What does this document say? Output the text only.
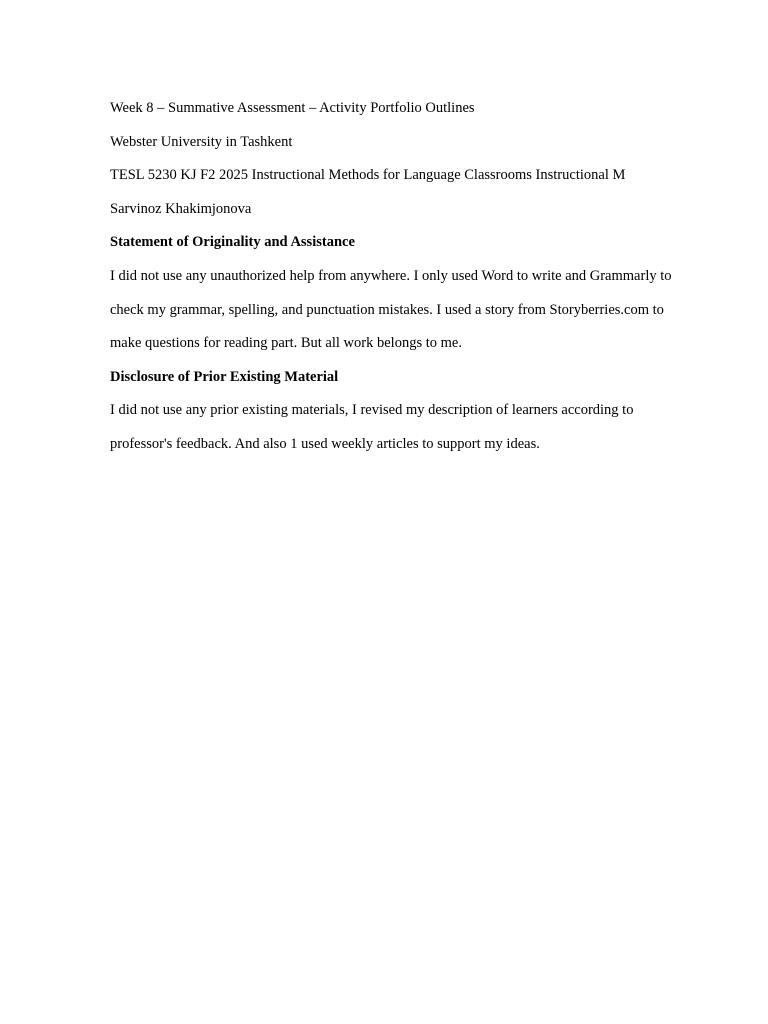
Week 8 – Summative Assessment – Activity Portfolio Outlines
Webster University in Tashkent
TESL 5230 KJ F2 2025 Instructional Methods for Language Classrooms Instructional M
Sarvinoz Khakimjonova
Statement of Originality and Assistance
I did not use any unauthorized help from anywhere. I only used Word to write and Grammarly to
check my grammar, spelling, and punctuation mistakes. I used a story from Storyberries.com to
make questions for reading part. But all work belongs to me.
Disclosure of Prior Existing Material
I did not use any prior existing materials, I revised my description of learners according to
professor's feedback. And also 1 used weekly articles to support my ideas.
